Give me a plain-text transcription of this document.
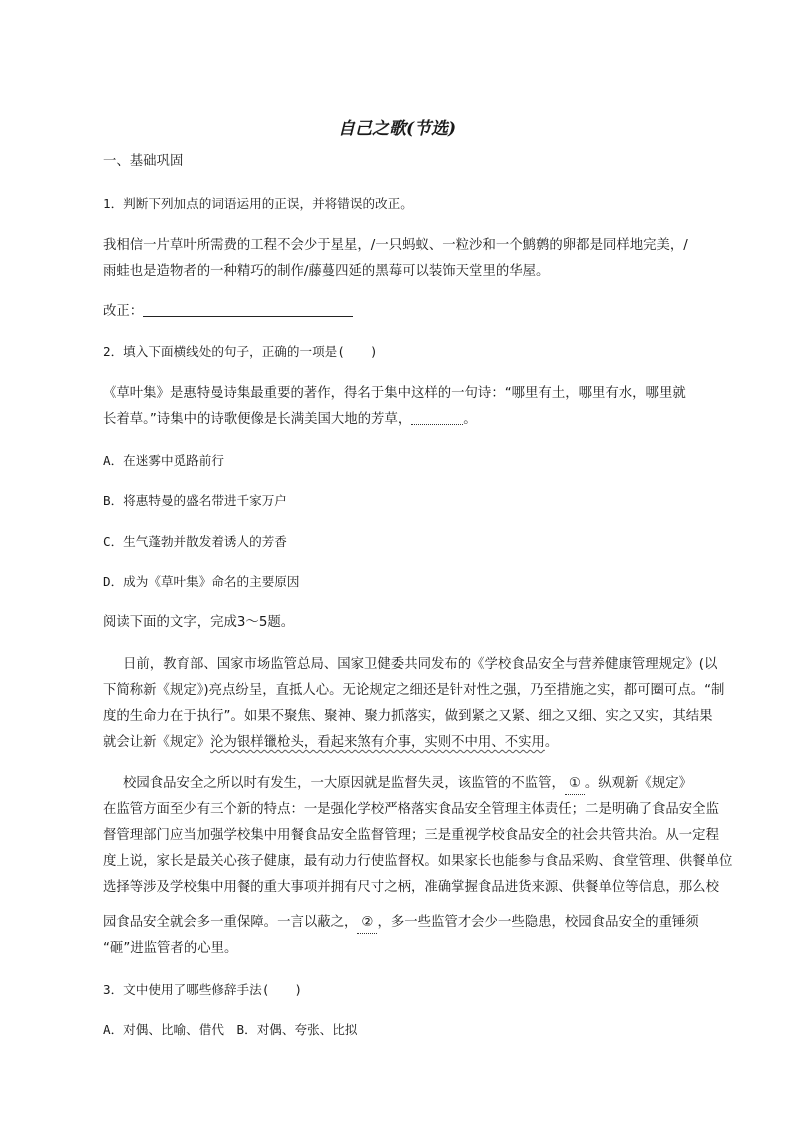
自己之歌(节选)
一、基础巩固
1．判断下列加点的词语运用的正误，并将错误的改正。
我相信一片草叶所需费的工程不会少于星星，/一只蚂蚁、一粒沙和一个鹪鹩的卵都是同样地完美，/
雨蛙也是造物者的一种精巧的制作/藤蔓四延的黑莓可以装饰天堂里的华屋。
改正：
2．填入下面横线处的句子，正确的一项是(　　)
《草叶集》是惠特曼诗集最重要的著作，得名于集中这样的一句诗：“哪里有土，哪里有水，哪里就
长着草。”诗集中的诗歌便像是长满美国大地的芳草，	。
A．在迷雾中觅路前行
B．将惠特曼的盛名带进千家万户
C．生气蓬勃并散发着诱人的芳香
D．成为《草叶集》命名的主要原因
阅读下面的文字，完成3～5题。
日前，教育部、国家市场监管总局、国家卫健委共同发布的《学校食品安全与营养健康管理规定》(以
下简称新《规定》)亮点纷呈，直抵人心。无论规定之细还是针对性之强，乃至措施之实，都可圈可点。“制
度的生命力在于执行”。如果不聚焦、聚神、聚力抓落实，做到紧之又紧、细之又细、实之又实，其结果
就会让新《规定》沦为银样镴枪头，看起来煞有介事，实则不中用、不实用。
校园食品安全之所以时有发生，一大原因就是监督失灵，该监管的不监管， ① 。纵观新《规定》
在监管方面至少有三个新的特点：一是强化学校严格落实食品安全管理主体责任；二是明确了食品安全监
督管理部门应当加强学校集中用餐食品安全监督管理；三是重视学校食品安全的社会共管共治。从一定程
度上说，家长是最关心孩子健康，最有动力行使监督权。如果家长也能参与食品采购、食堂管理、供餐单位
选择等涉及学校集中用餐的重大事项并拥有尺寸之柄，准确掌握食品进货来源、供餐单位等信息，那么校
园食品安全就会多一重保障。一言以蔽之， ② ，多一些监管才会少一些隐患，校园食品安全的重锤须
“砸”进监管者的心里。
3．文中使用了哪些修辞手法(　　)
A．对偶、比喻、借代　B．对偶、夸张、比拟
